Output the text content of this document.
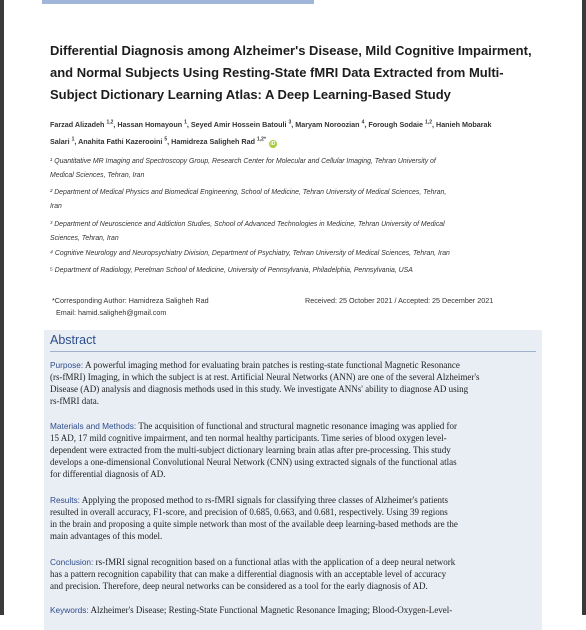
Differential Diagnosis among Alzheimer's Disease, Mild Cognitive Impairment,
and Normal Subjects Using Resting-State fMRI Data Extracted from Multi-
Subject Dictionary Learning Atlas: A Deep Learning-Based Study
Farzad Alizadeh $^{1,2}$, Hassan Homayoun $^1$, Seyed Amir Hossein Batouli $^3$, Maryam Noroozian $^4$, Forough Sodaie $^{1,2}$, Hanieh Mobarak
Salari $^1$, Anahita Fathi Kazerooini $^5$, Hamidreza Saligheh Rad $^{1,2*}$iD
¹ Quantitative MR Imaging and Spectroscopy Group, Research Center for Molecular and Cellular Imaging, Tehran University of
Medical Sciences, Tehran, Iran
² Department of Medical Physics and Biomedical Engineering, School of Medicine, Tehran University of Medical Sciences, Tehran,
Iran
³ Department of Neuroscience and Addiction Studies, School of Advanced Technologies in Medicine, Tehran University of Medical
Sciences, Tehran, Iran
⁴ Cognitive Neurology and Neuropsychiatry Division, Department of Psychiatry, Tehran University of Medical Sciences, Tehran, Iran
⁵ Department of Radiology, Perelman School of Medicine, University of Pennsylvania, Philadelphia, Pennsylvania, USA
*Corresponding Author: Hamidreza Saligheh Rad
Email: hamid.saligheh@gmail.com
Received: 25 October 2021 / Accepted: 25 December 2021
Abstract
Purpose: A powerful imaging method for evaluating brain patches is resting-state functional Magnetic Resonance
(rs-fMRI) Imaging, in which the subject is at rest. Artificial Neural Networks (ANN) are one of the several Alzheimer's
Disease (AD) analysis and diagnosis methods used in this study. We investigate ANNs' ability to diagnose AD using
rs-fMRI data.
Materials and Methods: The acquisition of functional and structural magnetic resonance imaging was applied for
15 AD, 17 mild cognitive impairment, and ten normal healthy participants. Time series of blood oxygen level-
dependent were extracted from the multi-subject dictionary learning brain atlas after pre-processing. This study
develops a one-dimensional Convolutional Neural Network (CNN) using extracted signals of the functional atlas
for differential diagnosis of AD.
Results: Applying the proposed method to rs-fMRI signals for classifying three classes of Alzheimer's patients
resulted in overall accuracy, F1-score, and precision of 0.685, 0.663, and 0.681, respectively. Using 39 regions
in the brain and proposing a quite simple network than most of the available deep learning-based methods are the
main advantages of this model.
Conclusion: rs-fMRI signal recognition based on a functional atlas with the application of a deep neural network
has a pattern recognition capability that can make a differential diagnosis with an acceptable level of accuracy
and precision. Therefore, deep neural networks can be considered as a tool for the early diagnosis of AD.
Keywords: Alzheimer's Disease; Resting-State Functional Magnetic Resonance Imaging; Blood-Oxygen-Level-
